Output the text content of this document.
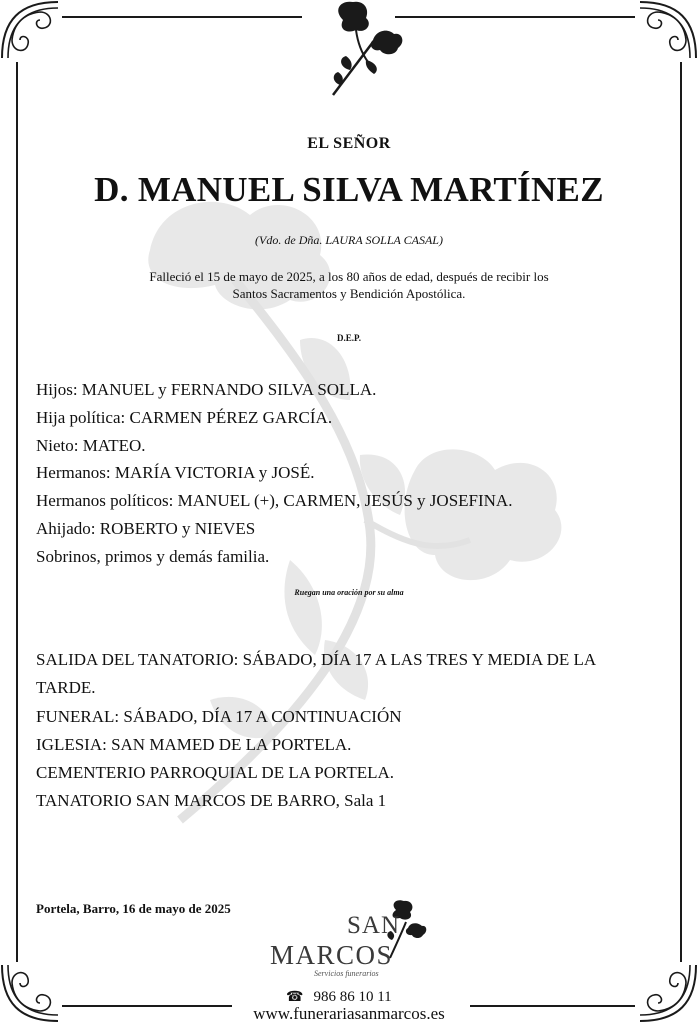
EL SEÑOR
D. MANUEL SILVA MARTÍNEZ
(Vdo. de Dña. LAURA SOLLA CASAL)
Falleció el 15 de mayo de 2025, a los 80 años de edad, después de recibir los
Santos Sacramentos y Bendición Apostólica.
D.E.P.
Hijos: MANUEL y FERNANDO SILVA SOLLA.
Hija política: CARMEN PÉREZ GARCÍA.
Nieto: MATEO.
Hermanos: MARÍA VICTORIA y JOSÉ.
Hermanos políticos: MANUEL (+), CARMEN, JESÚS y JOSEFINA.
Ahijado: ROBERTO y NIEVES
Sobrinos, primos y demás familia.
Ruegan una oración por su alma
SALIDA DEL TANATORIO: SÁBADO, DÍA 17 A LAS TRES Y MEDIA DE LA TARDE.
FUNERAL: SÁBADO, DÍA 17 A CONTINUACIÓN
IGLESIA: SAN MAMED DE LA PORTELA.
CEMENTERIO PARROQUIAL DE LA PORTELA.
TANATORIO SAN MARCOS DE BARRO, Sala 1
Portela, Barro, 16 de mayo de 2025
SAN
MARCOS
Servicios funerarios
☎ 986 86 10 11
www.funerariasanmarcos.es
